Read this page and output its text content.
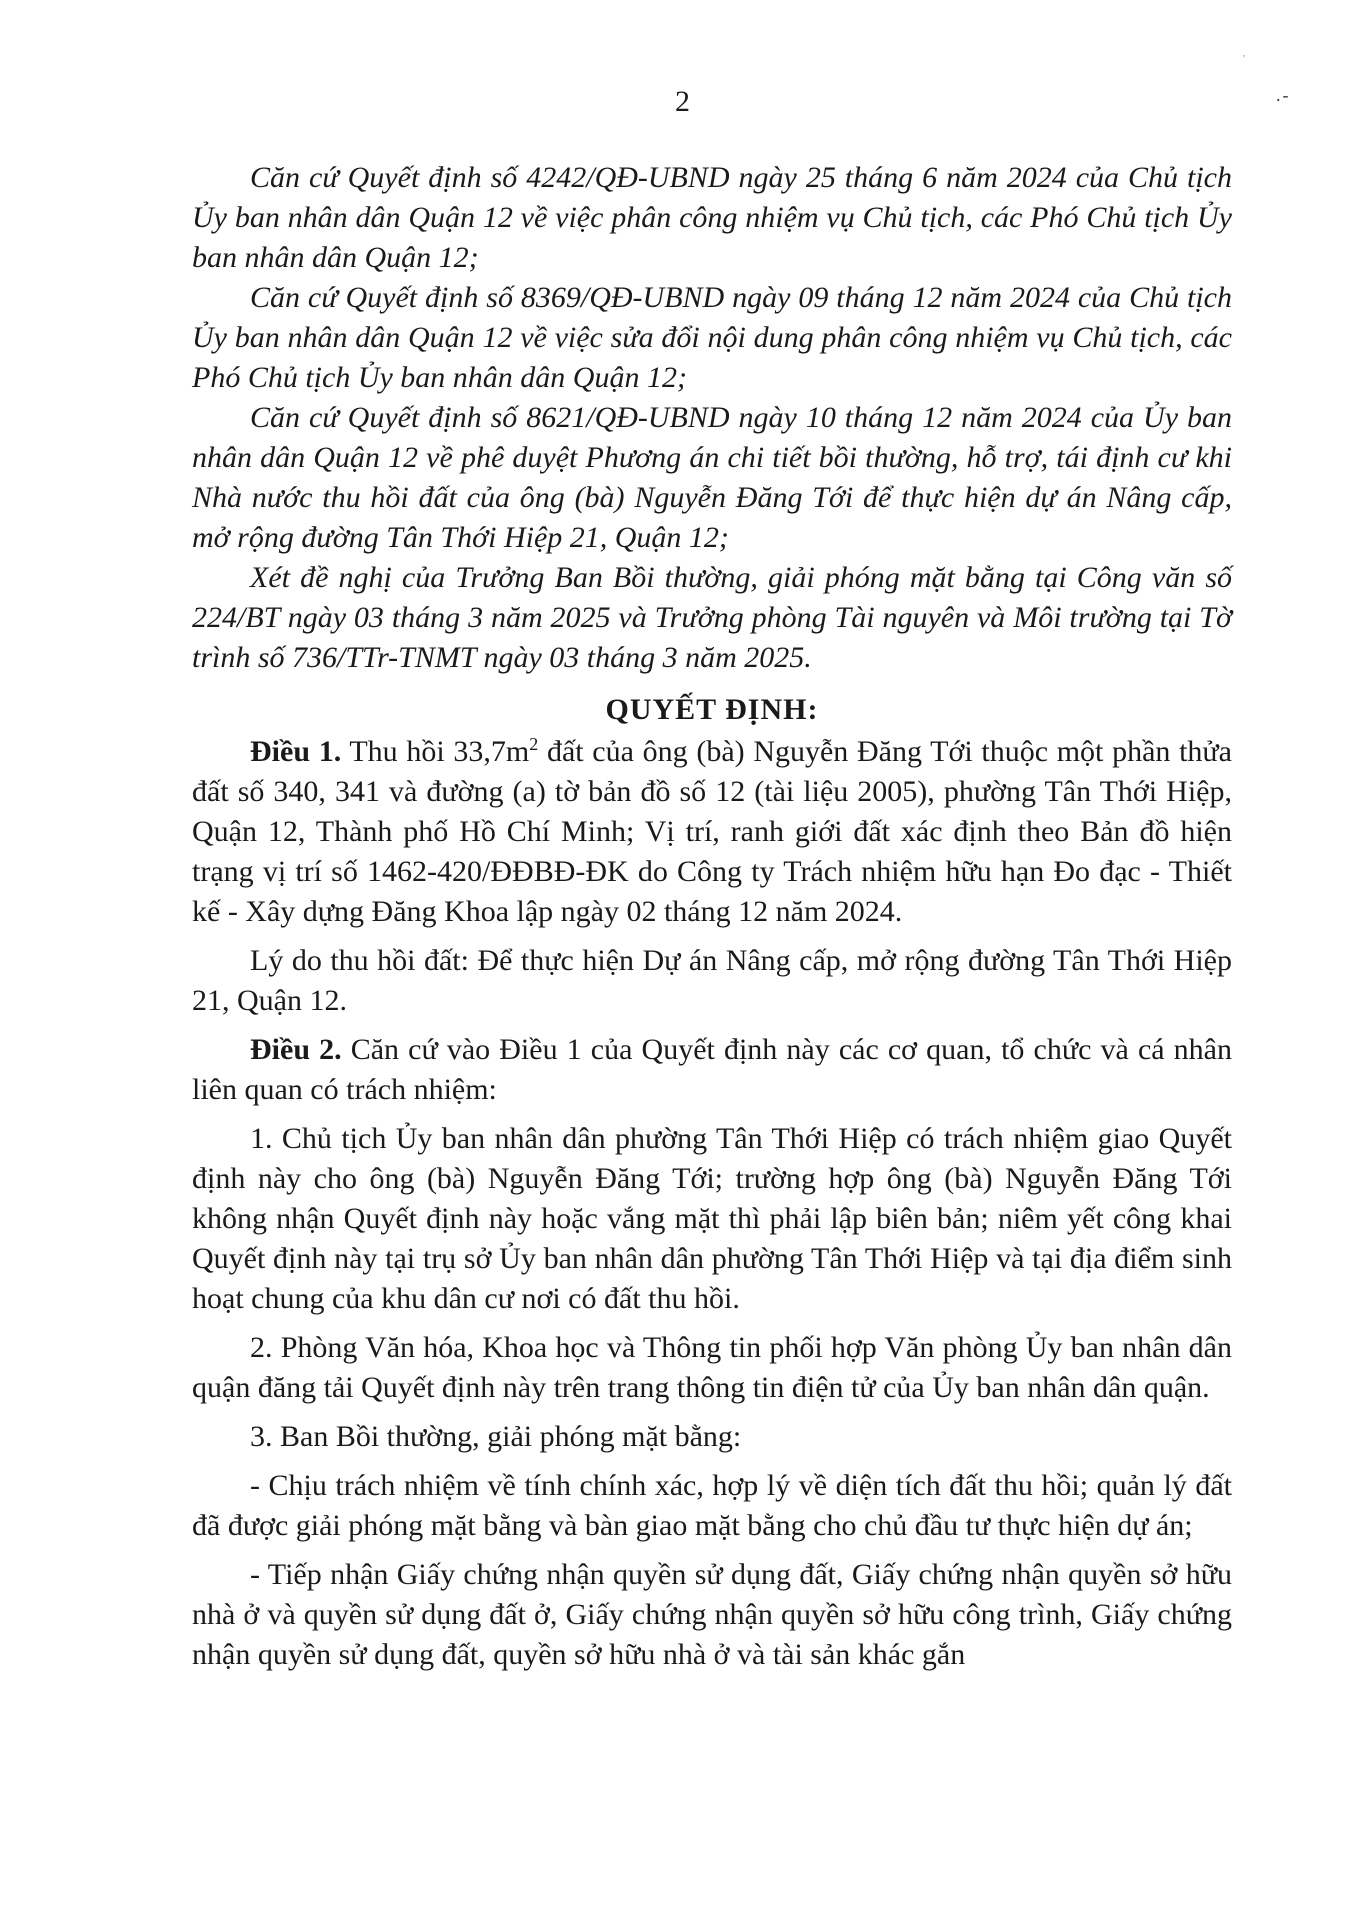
'
.-
2

Căn cứ Quyết định số 4242/QĐ-UBND ngày 25 tháng 6 năm 2024 của Chủ tịch Ủy ban nhân dân Quận 12 về việc phân công nhiệm vụ Chủ tịch, các Phó Chủ tịch Ủy ban nhân dân Quận 12;

Căn cứ Quyết định số 8369/QĐ-UBND ngày 09 tháng 12 năm 2024 của Chủ tịch Ủy ban nhân dân Quận 12 về việc sửa đổi nội dung phân công nhiệm vụ Chủ tịch, các Phó Chủ tịch Ủy ban nhân dân Quận 12;

Căn cứ Quyết định số 8621/QĐ-UBND ngày 10 tháng 12 năm 2024 của Ủy ban nhân dân Quận 12 về phê duyệt Phương án chi tiết bồi thường, hỗ trợ, tái định cư khi Nhà nước thu hồi đất của ông (bà) Nguyễn Đăng Tới để thực hiện dự án Nâng cấp, mở rộng đường Tân Thới Hiệp 21, Quận 12;

Xét đề nghị của Trưởng Ban Bồi thường, giải phóng mặt bằng tại Công văn số 224/BT ngày 03 tháng 3 năm 2025 và Trưởng phòng Tài nguyên và Môi trường tại Tờ trình số 736/TTr-TNMT ngày 03 tháng 3 năm 2025.

QUYẾT ĐỊNH:

Điều 1. Thu hồi $33,7m^2$ đất của ông (bà) Nguyễn Đăng Tới thuộc một phần thửa đất số 340, 341 và đường (a) tờ bản đồ số 12 (tài liệu 2005), phường Tân Thới Hiệp, Quận 12, Thành phố Hồ Chí Minh; Vị trí, ranh giới đất xác định theo Bản đồ hiện trạng vị trí số 1462-420/ĐĐBĐ-ĐK do Công ty Trách nhiệm hữu hạn Đo đạc - Thiết kế - Xây dựng Đăng Khoa lập ngày 02 tháng 12 năm 2024.

Lý do thu hồi đất: Để thực hiện Dự án Nâng cấp, mở rộng đường Tân Thới Hiệp 21, Quận 12.

Điều 2. Căn cứ vào Điều 1 của Quyết định này các cơ quan, tổ chức và cá nhân liên quan có trách nhiệm:

1. Chủ tịch Ủy ban nhân dân phường Tân Thới Hiệp có trách nhiệm giao Quyết định này cho ông (bà) Nguyễn Đăng Tới; trường hợp ông (bà) Nguyễn Đăng Tới không nhận Quyết định này hoặc vắng mặt thì phải lập biên bản; niêm yết công khai Quyết định này tại trụ sở Ủy ban nhân dân phường Tân Thới Hiệp và tại địa điểm sinh hoạt chung của khu dân cư nơi có đất thu hồi.

2. Phòng Văn hóa, Khoa học và Thông tin phối hợp Văn phòng Ủy ban nhân dân quận đăng tải Quyết định này trên trang thông tin điện tử của Ủy ban nhân dân quận.

3. Ban Bồi thường, giải phóng mặt bằng:

- Chịu trách nhiệm về tính chính xác, hợp lý về diện tích đất thu hồi; quản lý đất đã được giải phóng mặt bằng và bàn giao mặt bằng cho chủ đầu tư thực hiện dự án;

- Tiếp nhận Giấy chứng nhận quyền sử dụng đất, Giấy chứng nhận quyền sở hữu nhà ở và quyền sử dụng đất ở, Giấy chứng nhận quyền sở hữu công trình, Giấy chứng nhận quyền sử dụng đất, quyền sở hữu nhà ở và tài sản khác gắn
